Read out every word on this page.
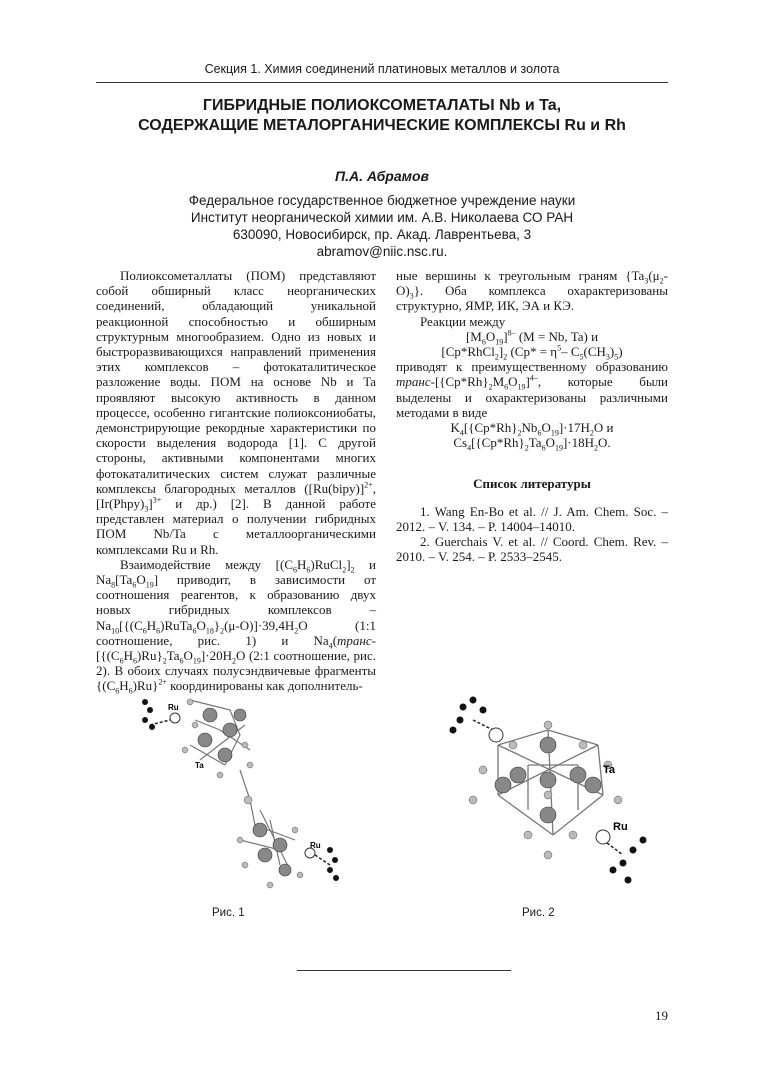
Секция 1. Химия соединений платиновых металлов и золота
ГИБРИДНЫЕ ПОЛИОКСОМЕТАЛАТЫ Nb и Ta,
СОДЕРЖАЩИЕ МЕТАЛОРГАНИЧЕСКИЕ КОМПЛЕКСЫ Ru и Rh
П.А. Абрамов
Федеральное государственное бюджетное учреждение науки
Институт неорганической химии им. А.В. Николаева СО РАН
630090, Новосибирск, пр. Акад. Лаврентьева, 3
abramov@niic.nsc.ru.

Полиоксометаллаты (ПОМ) представляют собой обширный класс неорганических соединений, обладающий уникальной реакционной способностью и обширным структурным многообразием. Одно из новых и быстроразвивающихся направлений применения этих комплексов – фотокаталитическое разложение воды. ПОМ на основе Nb и Ta проявляют высокую активность в данном процессе, особенно гигантские полиоксониобаты, демонстрирующие рекордные характеристики по скорости выделения водорода [1]. С другой стороны, активными компонентами многих фотокаталитических систем служат различные комплексы благородных металлов ([Ru(bipy)]$^{2+}$, $[Ir(Phpy)_3]^{3+}$ и др.) [2]. В данной работе представлен материал о получении гибридных ПОМ Nb/Ta с металлоорганическими комплексами Ru и Rh.

Взаимодействие между $[(C_6H_6)RuCl_2]_2$ и $Na_8[Ta_6O_{19}]$ приводит, в зависимости от соотношения реагентов, к образованию двух новых гибридных комплексов – $Na_{10}[\{(C_6H_6)RuTa_6O_{18}\}_2(\mu-O)]\cdot 39,4H_2O$ (1:1 соотношение, рис. 1) и $Na_4(транс-[\{(C_6H_6)Ru\}_2Ta_6O_{19}]\cdot 20H_2O$ (2:1 соотношение, рис. 2). В обоих случаях полусэндвичевые фрагменты $\{(C_6H_6)Ru\}^{2+}$ координированы как дополнитель-

ные вершины к треугольным граням $\{Ta_3(\mu_2-O)_3\}$. Оба комплекса охарактеризованы структурно, ЯМР, ИК, ЭА и КЭ.

Реакции между

$[M_6O_{19}]^{8-}$ (M = Nb, Ta) и

$[Cp*RhCl_2]_2$ ($Cp* = \eta^5-$ $C_5(CH_3)_5$)

приводят к преимущественному образованию транс-$[\{Cp*Rh\}_2M_6O_{19}]^{4-}$, которые были выделены и охарактеризованы различными методами в виде

$K_4[\{Cp*Rh\}_2Nb_6O_{19}]\cdot 17H_2O$ и

$Cs_4[\{Cp*Rh\}_2Ta_6O_{19}]\cdot 18H_2O$.

Список литературы

1. Wang En-Bo et al. // J. Am. Chem. Soc. – 2012. – V. 134. – P. 14004–14010.

2. Guerchais V. et al. // Coord. Chem. Rev. – 2010. – V. 254. – P. 2533–2545.

Ru
Ta
Ru
Ta
Ru
Рис. 1	Рис. 2
19
